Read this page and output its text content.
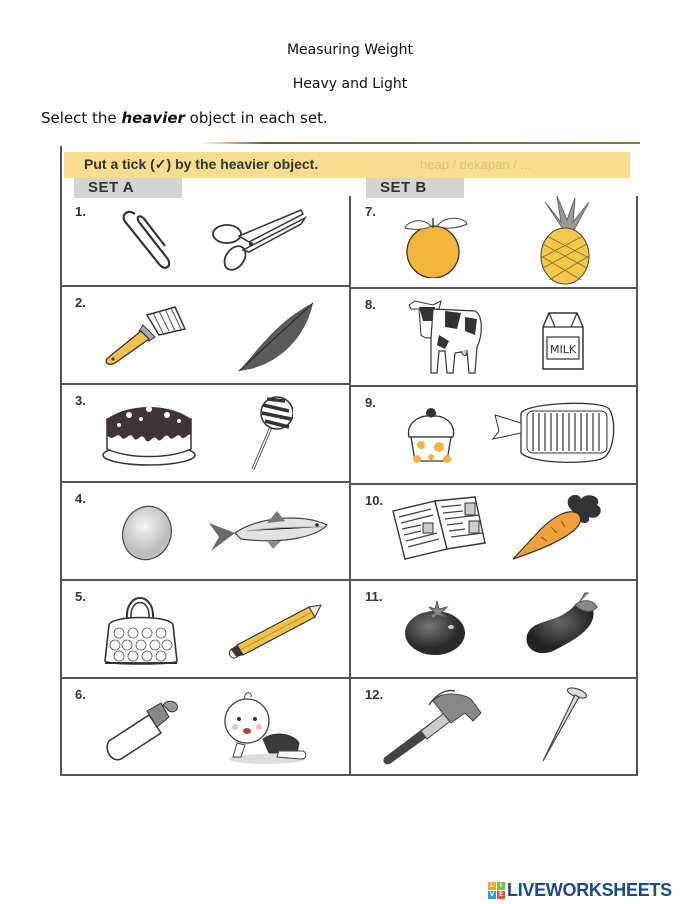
Measuring Weight
Heavy and Light
Select the heavier object in each set.
heap / dekapan / ...
Put a tick (✓) by the heavier object.
SET A	SET B
1.
2.
3.
4.
5.
6.
7.
8.
MILK
9.
10.
11.
12.
L I
V E LIVEWORKSHEETS
